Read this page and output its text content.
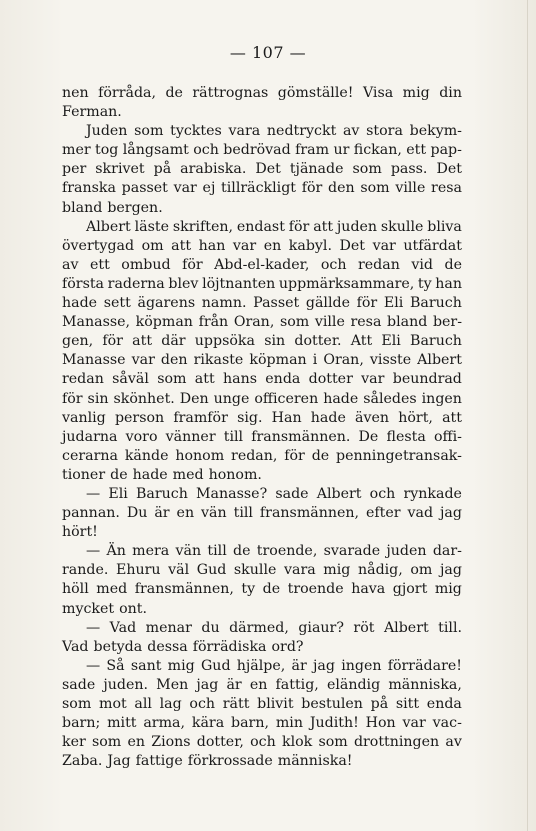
— 107 —
nen förråda, de rättrognas gömställe! Visa mig din
Ferman.
Juden som tycktes vara nedtryckt av stora bekym-
mer tog långsamt och bedrövad fram ur fickan, ett pap-
per skrivet på arabiska. Det tjänade som pass. Det
franska passet var ej tillräckligt för den som ville resa
bland bergen.
Albert läste skriften, endast för att juden skulle bliva
övertygad om att han var en kabyl. Det var utfärdat
av ett ombud för Abd-el-kader, och redan vid de
första raderna blev löjtnanten uppmärksammare, ty han
hade sett ägarens namn. Passet gällde för Eli Baruch
Manasse, köpman från Oran, som ville resa bland ber-
gen, för att där uppsöka sin dotter. Att Eli Baruch
Manasse var den rikaste köpman i Oran, visste Albert
redan såväl som att hans enda dotter var beundrad
för sin skönhet. Den unge officeren hade således ingen
vanlig person framför sig. Han hade även hört, att
judarna voro vänner till fransmännen. De flesta offi-
cerarna kände honom redan, för de penningetransak-
tioner de hade med honom.
— Eli Baruch Manasse? sade Albert och rynkade
pannan. Du är en vän till fransmännen, efter vad jag
hört!
— Än mera vän till de troende, svarade juden dar-
rande. Ehuru väl Gud skulle vara mig nådig, om jag
höll med fransmännen, ty de troende hava gjort mig
mycket ont.
— Vad menar du därmed, giaur? röt Albert till.
Vad betyda dessa förrädiska ord?
— Så sant mig Gud hjälpe, är jag ingen förrädare!
sade juden. Men jag är en fattig, eländig människa,
som mot all lag och rätt blivit bestulen på sitt enda
barn; mitt arma, kära barn, min Judith! Hon var vac-
ker som en Zions dotter, och klok som drottningen av
Zaba. Jag fattige förkrossade människa!
